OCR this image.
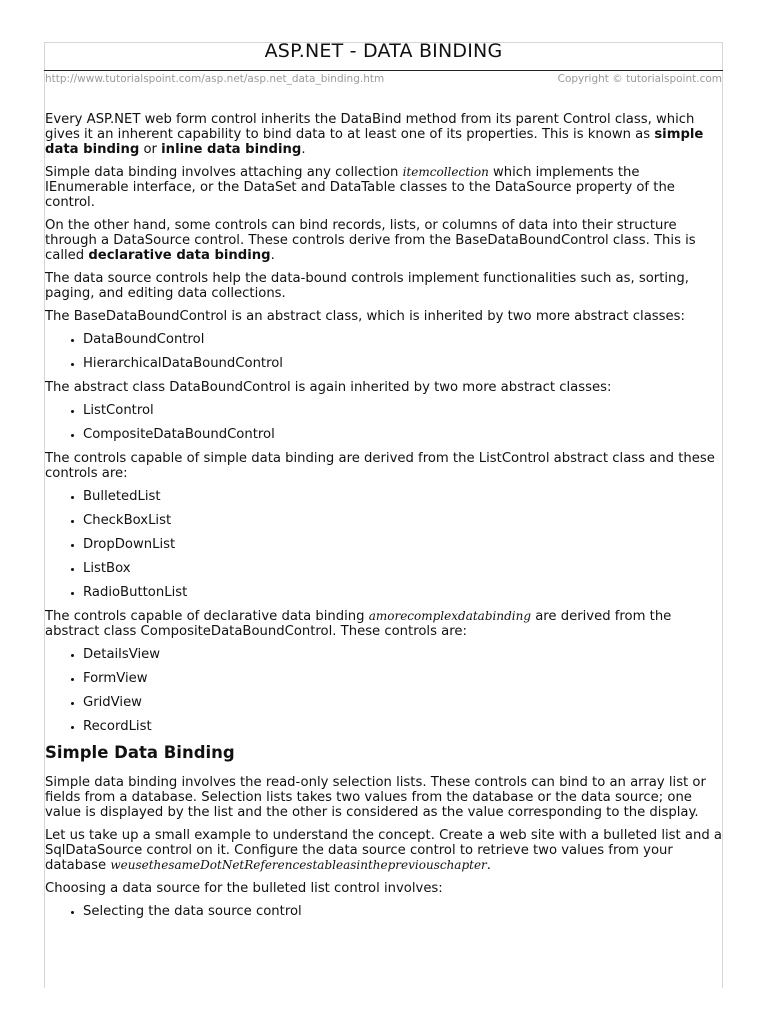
ASP.NET - DATA BINDING
http://www.tutorialspoint.com/asp.net/asp.net_data_binding.htm	Copyright © tutorialspoint.com

Every ASP.NET web form control inherits the DataBind method from its parent Control class, which gives it an inherent capability to bind data to at least one of its properties. This is known as simple data binding or inline data binding.

Simple data binding involves attaching any collection itemcollection which implements the IEnumerable interface, or the DataSet and DataTable classes to the DataSource property of the control.

On the other hand, some controls can bind records, lists, or columns of data into their structure through a DataSource control. These controls derive from the BaseDataBoundControl class. This is called declarative data binding.

The data source controls help the data-bound controls implement functionalities such as, sorting, paging, and editing data collections.

The BaseDataBoundControl is an abstract class, which is inherited by two more abstract classes:

• DataBoundControl
• HierarchicalDataBoundControl

The abstract class DataBoundControl is again inherited by two more abstract classes:

• ListControl
• CompositeDataBoundControl

The controls capable of simple data binding are derived from the ListControl abstract class and these controls are:

• BulletedList
• CheckBoxList
• DropDownList
• ListBox
• RadioButtonList

The controls capable of declarative data binding amorecomplexdatabinding are derived from the abstract class CompositeDataBoundControl. These controls are:

• DetailsView
• FormView
• GridView
• RecordList
Simple Data Binding

Simple data binding involves the read-only selection lists. These controls can bind to an array list or fields from a database. Selection lists takes two values from the database or the data source; one value is displayed by the list and the other is considered as the value corresponding to the display.

Let us take up a small example to understand the concept. Create a web site with a bulleted list and a SqlDataSource control on it. Configure the data source control to retrieve two values from your database weusethesameDotNetReferencestableasinthepreviouschapter.

Choosing a data source for the bulleted list control involves:

• Selecting the data source control
